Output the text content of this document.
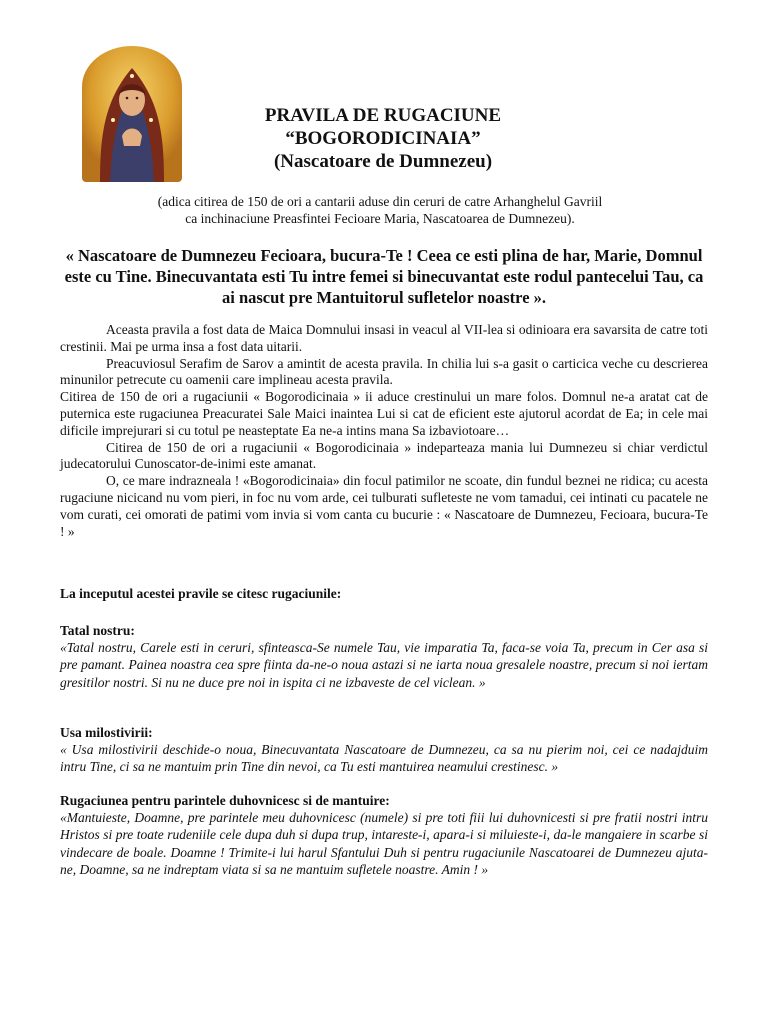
PRAVILA DE RUGACIUNE
“BOGORODICINAIA”
(Nascatoare de Dumnezeu)
(adica citirea de 150 de ori a cantarii aduse din ceruri de catre Arhanghelul Gavriil
ca inchinaciune Preasfintei Fecioare Maria, Nascatoarea de Dumnezeu).
« Nascatoare de Dumnezeu Fecioara, bucura-Te ! Ceea ce esti plina de har, Marie, Domnul este cu Tine. Binecuvantata esti Tu intre femei si binecuvantat este rodul pantecelui Tau, ca ai nascut pre Mantuitorul sufletelor noastre ».

Aceasta pravila a fost data de Maica Domnului insasi in veacul al VII-lea si odinioara era savarsita de catre toti crestinii. Mai pe urma insa a fost data uitarii.

Preacuviosul Serafim de Sarov a amintit de acesta pravila. In chilia lui s-a gasit o carticica veche cu descrierea minunilor petrecute cu oamenii care implineau acesta pravila.

Citirea de 150 de ori a rugaciunii « Bogorodicinaia » ii aduce crestinului un mare folos. Domnul ne-a aratat cat de puternica este rugaciunea Preacuratei Sale Maici inaintea Lui si cat de eficient este ajutorul acordat de Ea; in cele mai dificile imprejurari si cu totul pe neasteptate Ea ne-a intins mana Sa izbaviotoare…

Citirea de 150 de ori a rugaciunii « Bogorodicinaia » indeparteaza mania lui Dumnezeu si chiar verdictul judecatorului Cunoscator-de-inimi este amanat.

O, ce mare indrazneala ! «Bogorodicinaia» din focul patimilor ne scoate, din fundul beznei ne ridica; cu acesta rugaciune nicicand nu vom pieri, in foc nu vom arde, cei tulburati sufleteste ne vom tamadui, cei intinati cu pacatele ne vom curati, cei omorati de patimi vom invia si vom canta cu bucurie : « Nascatoare de Dumnezeu, Fecioara, bucura-Te ! »

La inceputul acestei pravile se citesc rugaciunile:
Tatal nostru:
«Tatal nostru, Carele esti in ceruri, sfinteasca-Se numele Tau, vie imparatia Ta, faca-se voia Ta, precum in Cer asa si pre pamant. Painea noastra cea spre fiinta da-ne-o noua astazi si ne iarta noua gresalele noastre, precum si noi iertam gresitilor nostri. Si nu ne duce pre noi in ispita ci ne izbaveste de cel viclean. »
Usa milostivirii:
« Usa milostivirii deschide-o noua, Binecuvantata Nascatoare de Dumnezeu, ca sa nu pierim noi, cei ce nadajduim intru Tine, ci sa ne mantuim prin Tine din nevoi, ca Tu esti mantuirea neamului crestinesc. »
Rugaciunea pentru parintele duhovnicesc si de mantuire:
«Mantuieste, Doamne, pre parintele meu duhovnicesc (numele) si pre toti fiii lui duhovnicesti si pre fratii nostri intru Hristos si pre toate rudeniile cele dupa duh si dupa trup, intareste-i, apara-i si miluieste-i, da-le mangaiere in scarbe si vindecare de boale. Doamne ! Trimite-i lui harul Sfantului Duh si pentru rugaciunile Nascatoarei de Dumnezeu ajuta-ne, Doamne, sa ne indreptam viata si sa ne mantuim sufletele noastre. Amin ! »
